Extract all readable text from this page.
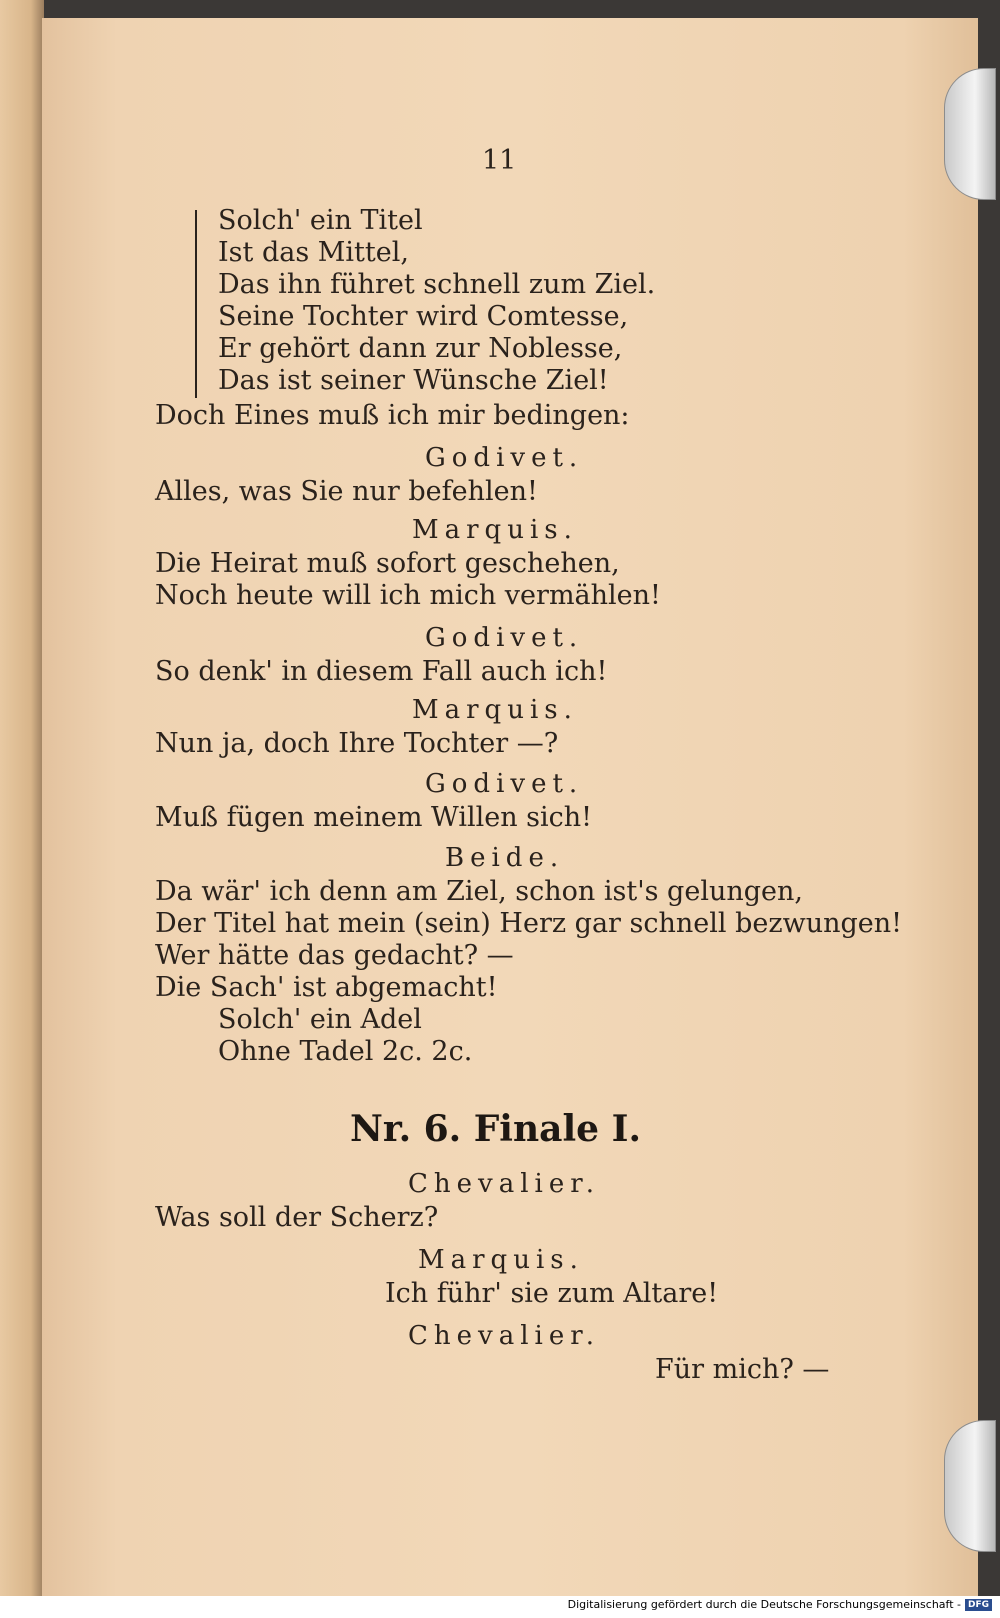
11
Solch' ein Titel
Ist das Mittel,
Das ihn führet schnell zum Ziel.
Seine Tochter wird Comtesse,
Er gehört dann zur Noblesse,
Das ist seiner Wünsche Ziel!
Doch Eines muß ich mir bedingen:
Godivet.
Alles, was Sie nur befehlen!
Marquis.
Die Heirat muß sofort geschehen,
Noch heute will ich mich vermählen!
Godivet.
So denk' in diesem Fall auch ich!
Marquis.
Nun ja, doch Ihre Tochter —?
Godivet.
Muß fügen meinem Willen sich!
Beide.
Da wär' ich denn am Ziel, schon ist's gelungen,
Der Titel hat mein (sein) Herz gar schnell bezwungen!
Wer hätte das gedacht? —
Die Sach' ist abgemacht!
Solch' ein Adel
Ohne Tadel 2c. 2c.
Nr. 6. Finale I.
Chevalier.
Was soll der Scherz?
Marquis.
Ich führ' sie zum Altare!
Chevalier.
Für mich? —
Digitalisierung gefördert durch die Deutsche Forschungsgemeinschaft - DFG
